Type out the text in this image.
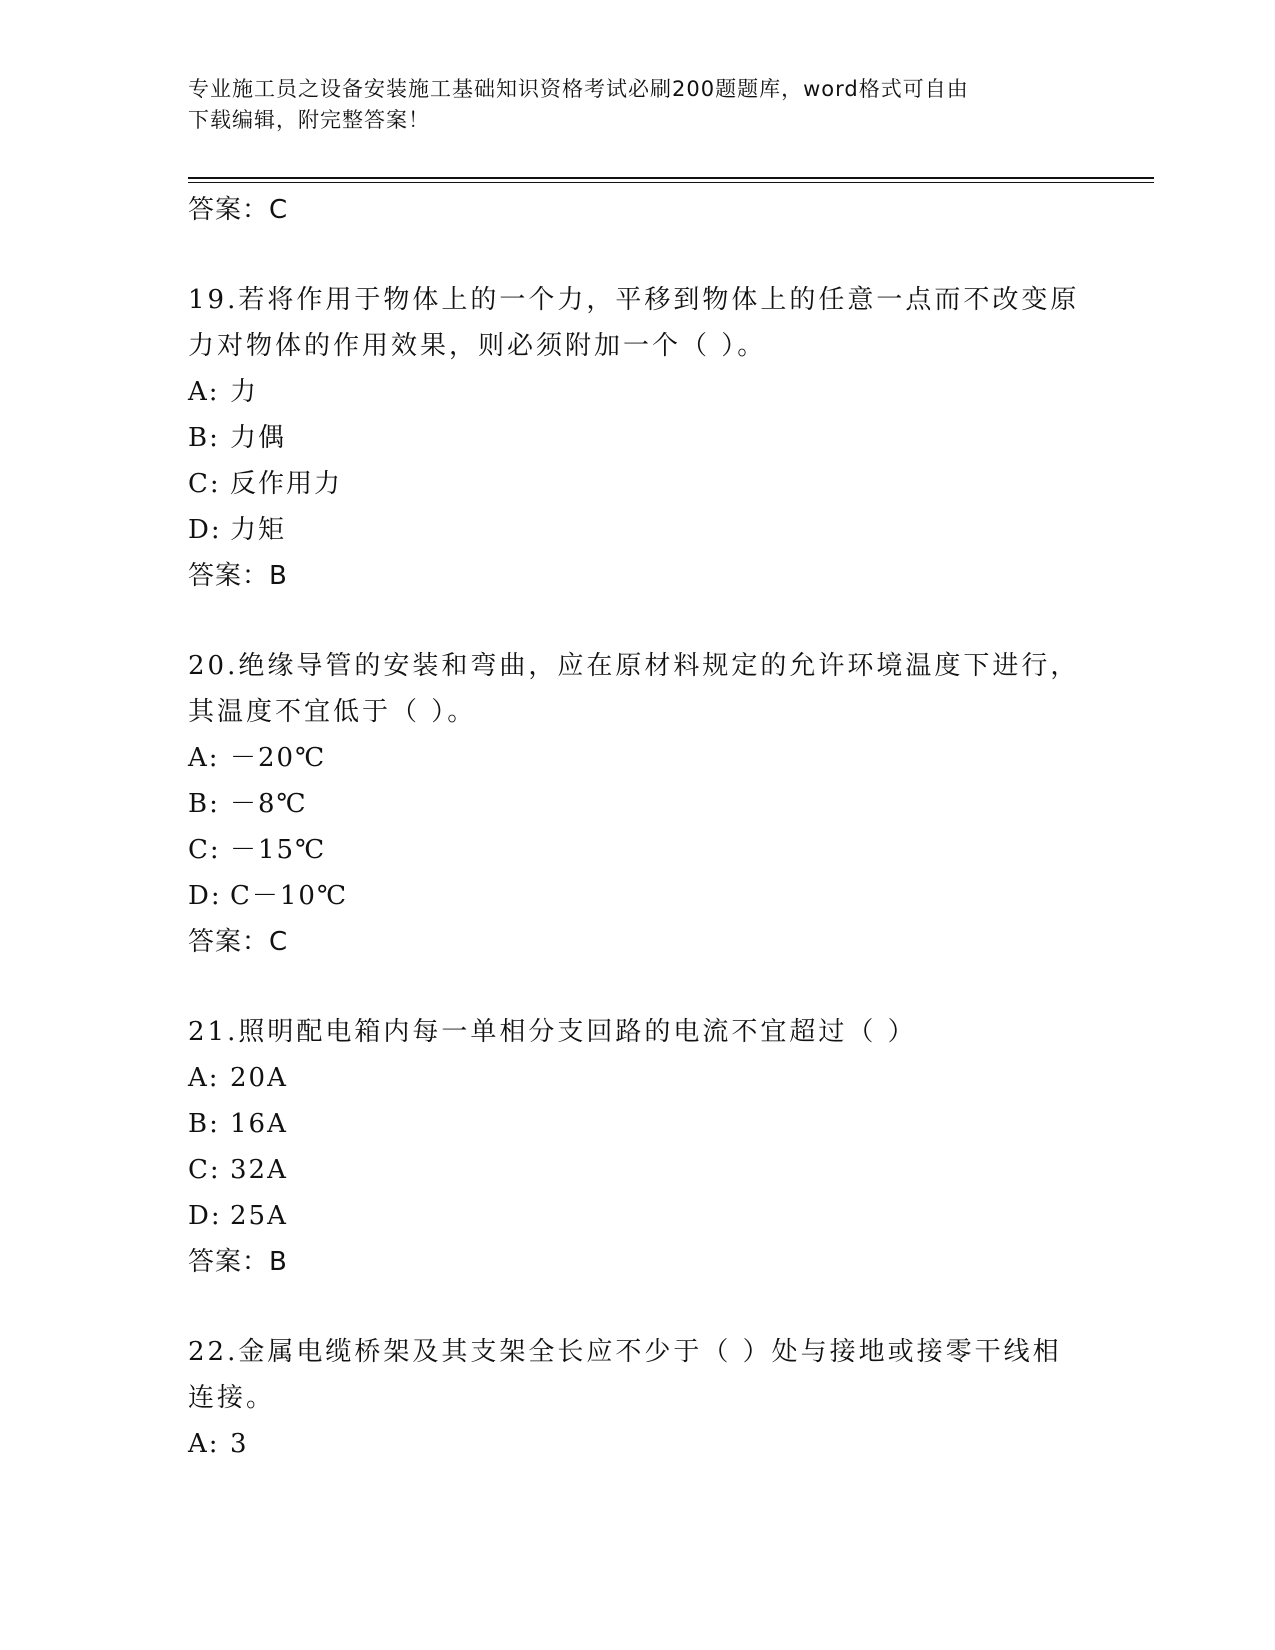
专业施工员之设备安装施工基础知识资格考试必刷200题题库，word格式可自由
下载编辑，附完整答案！
答案：C
19.若将作用于物体上的一个力，平移到物体上的任意一点而不改变原
力对物体的作用效果，则必须附加一个（ ）。
A: 力
B: 力偶
C: 反作用力
D: 力矩
答案：B
20.绝缘导管的安装和弯曲，应在原材料规定的允许环境温度下进行，
其温度不宜低于（ ）。
A: －20℃
B: －8℃
C: －15℃
D: C－10℃
答案：C
21.照明配电箱内每一单相分支回路的电流不宜超过（ ）
A: 20A
B: 16A
C: 32A
D: 25A
答案：B
22.金属电缆桥架及其支架全长应不少于（ ）处与接地或接零干线相
连接。
A: 3
